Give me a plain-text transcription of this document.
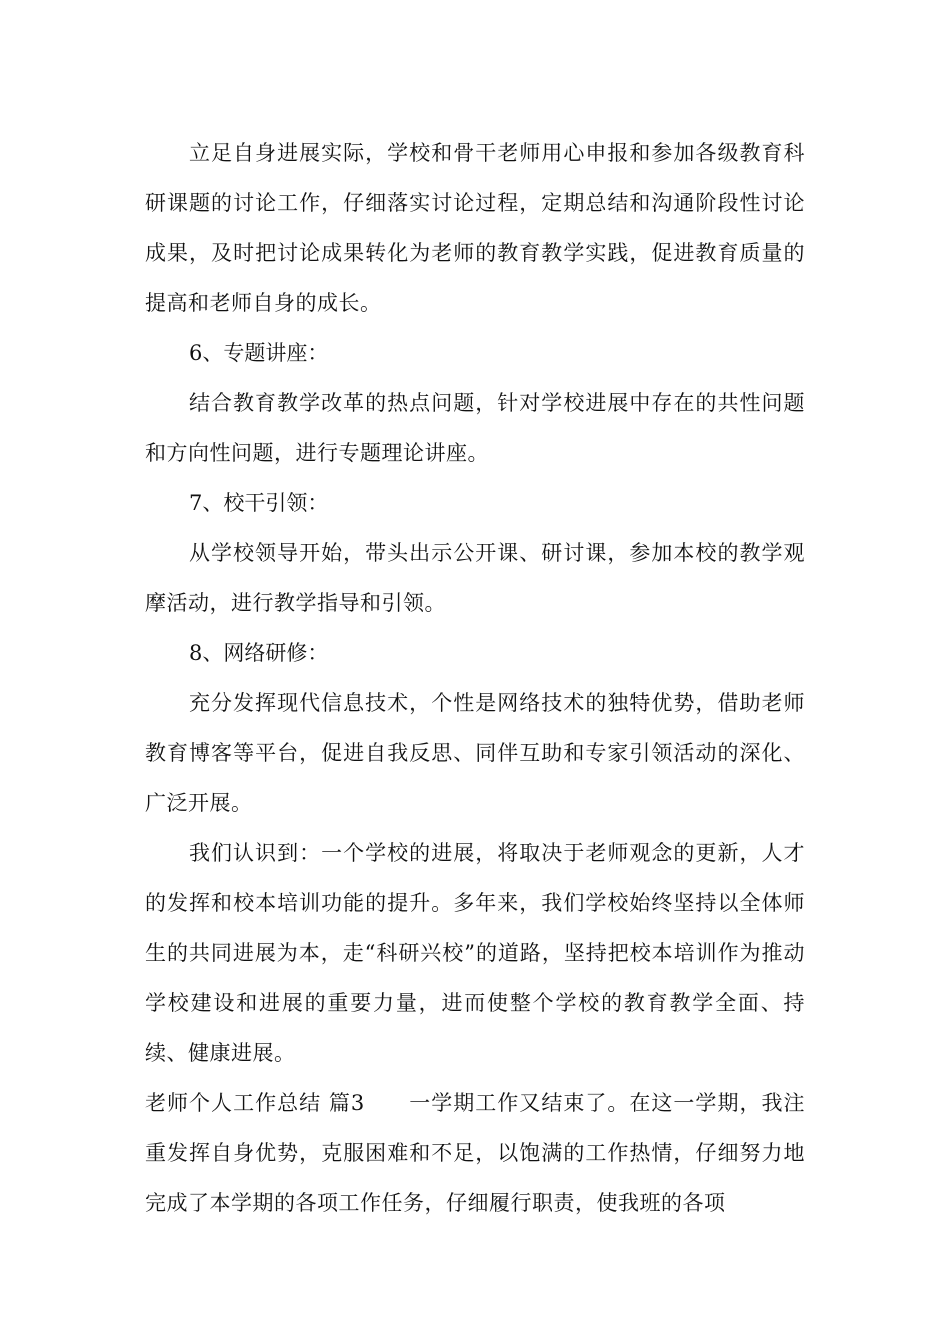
立足自身进展实际，学校和骨干老师用心申报和参加各级教育科研课题的讨论工作，仔细落实讨论过程，定期总结和沟通阶段性讨论成果，及时把讨论成果转化为老师的教育教学实践，促进教育质量的提高和老师自身的成长。

6、专题讲座：

结合教育教学改革的热点问题，针对学校进展中存在的共性问题和方向性问题，进行专题理论讲座。

7、校干引领：

从学校领导开始，带头出示公开课、研讨课，参加本校的教学观摩活动，进行教学指导和引领。

8、网络研修：

充分发挥现代信息技术，个性是网络技术的独特优势，借助老师教育博客等平台，促进自我反思、同伴互助和专家引领活动的深化、广泛开展。

我们认识到：一个学校的进展，将取决于老师观念的更新，人才的发挥和校本培训功能的提升。多年来，我们学校始终坚持以全体师生的共同进展为本，走“科研兴校”的道路，坚持把校本培训作为推动学校建设和进展的重要力量，进而使整个学校的教育教学全面、持续、健康进展。

老师个人工作总结 篇3 一学期工作又结束了。在这一学期，我注重发挥自身优势，克服困难和不足，以饱满的工作热情，仔细努力地完成了本学期的各项工作任务，仔细履行职责，使我班的各项
